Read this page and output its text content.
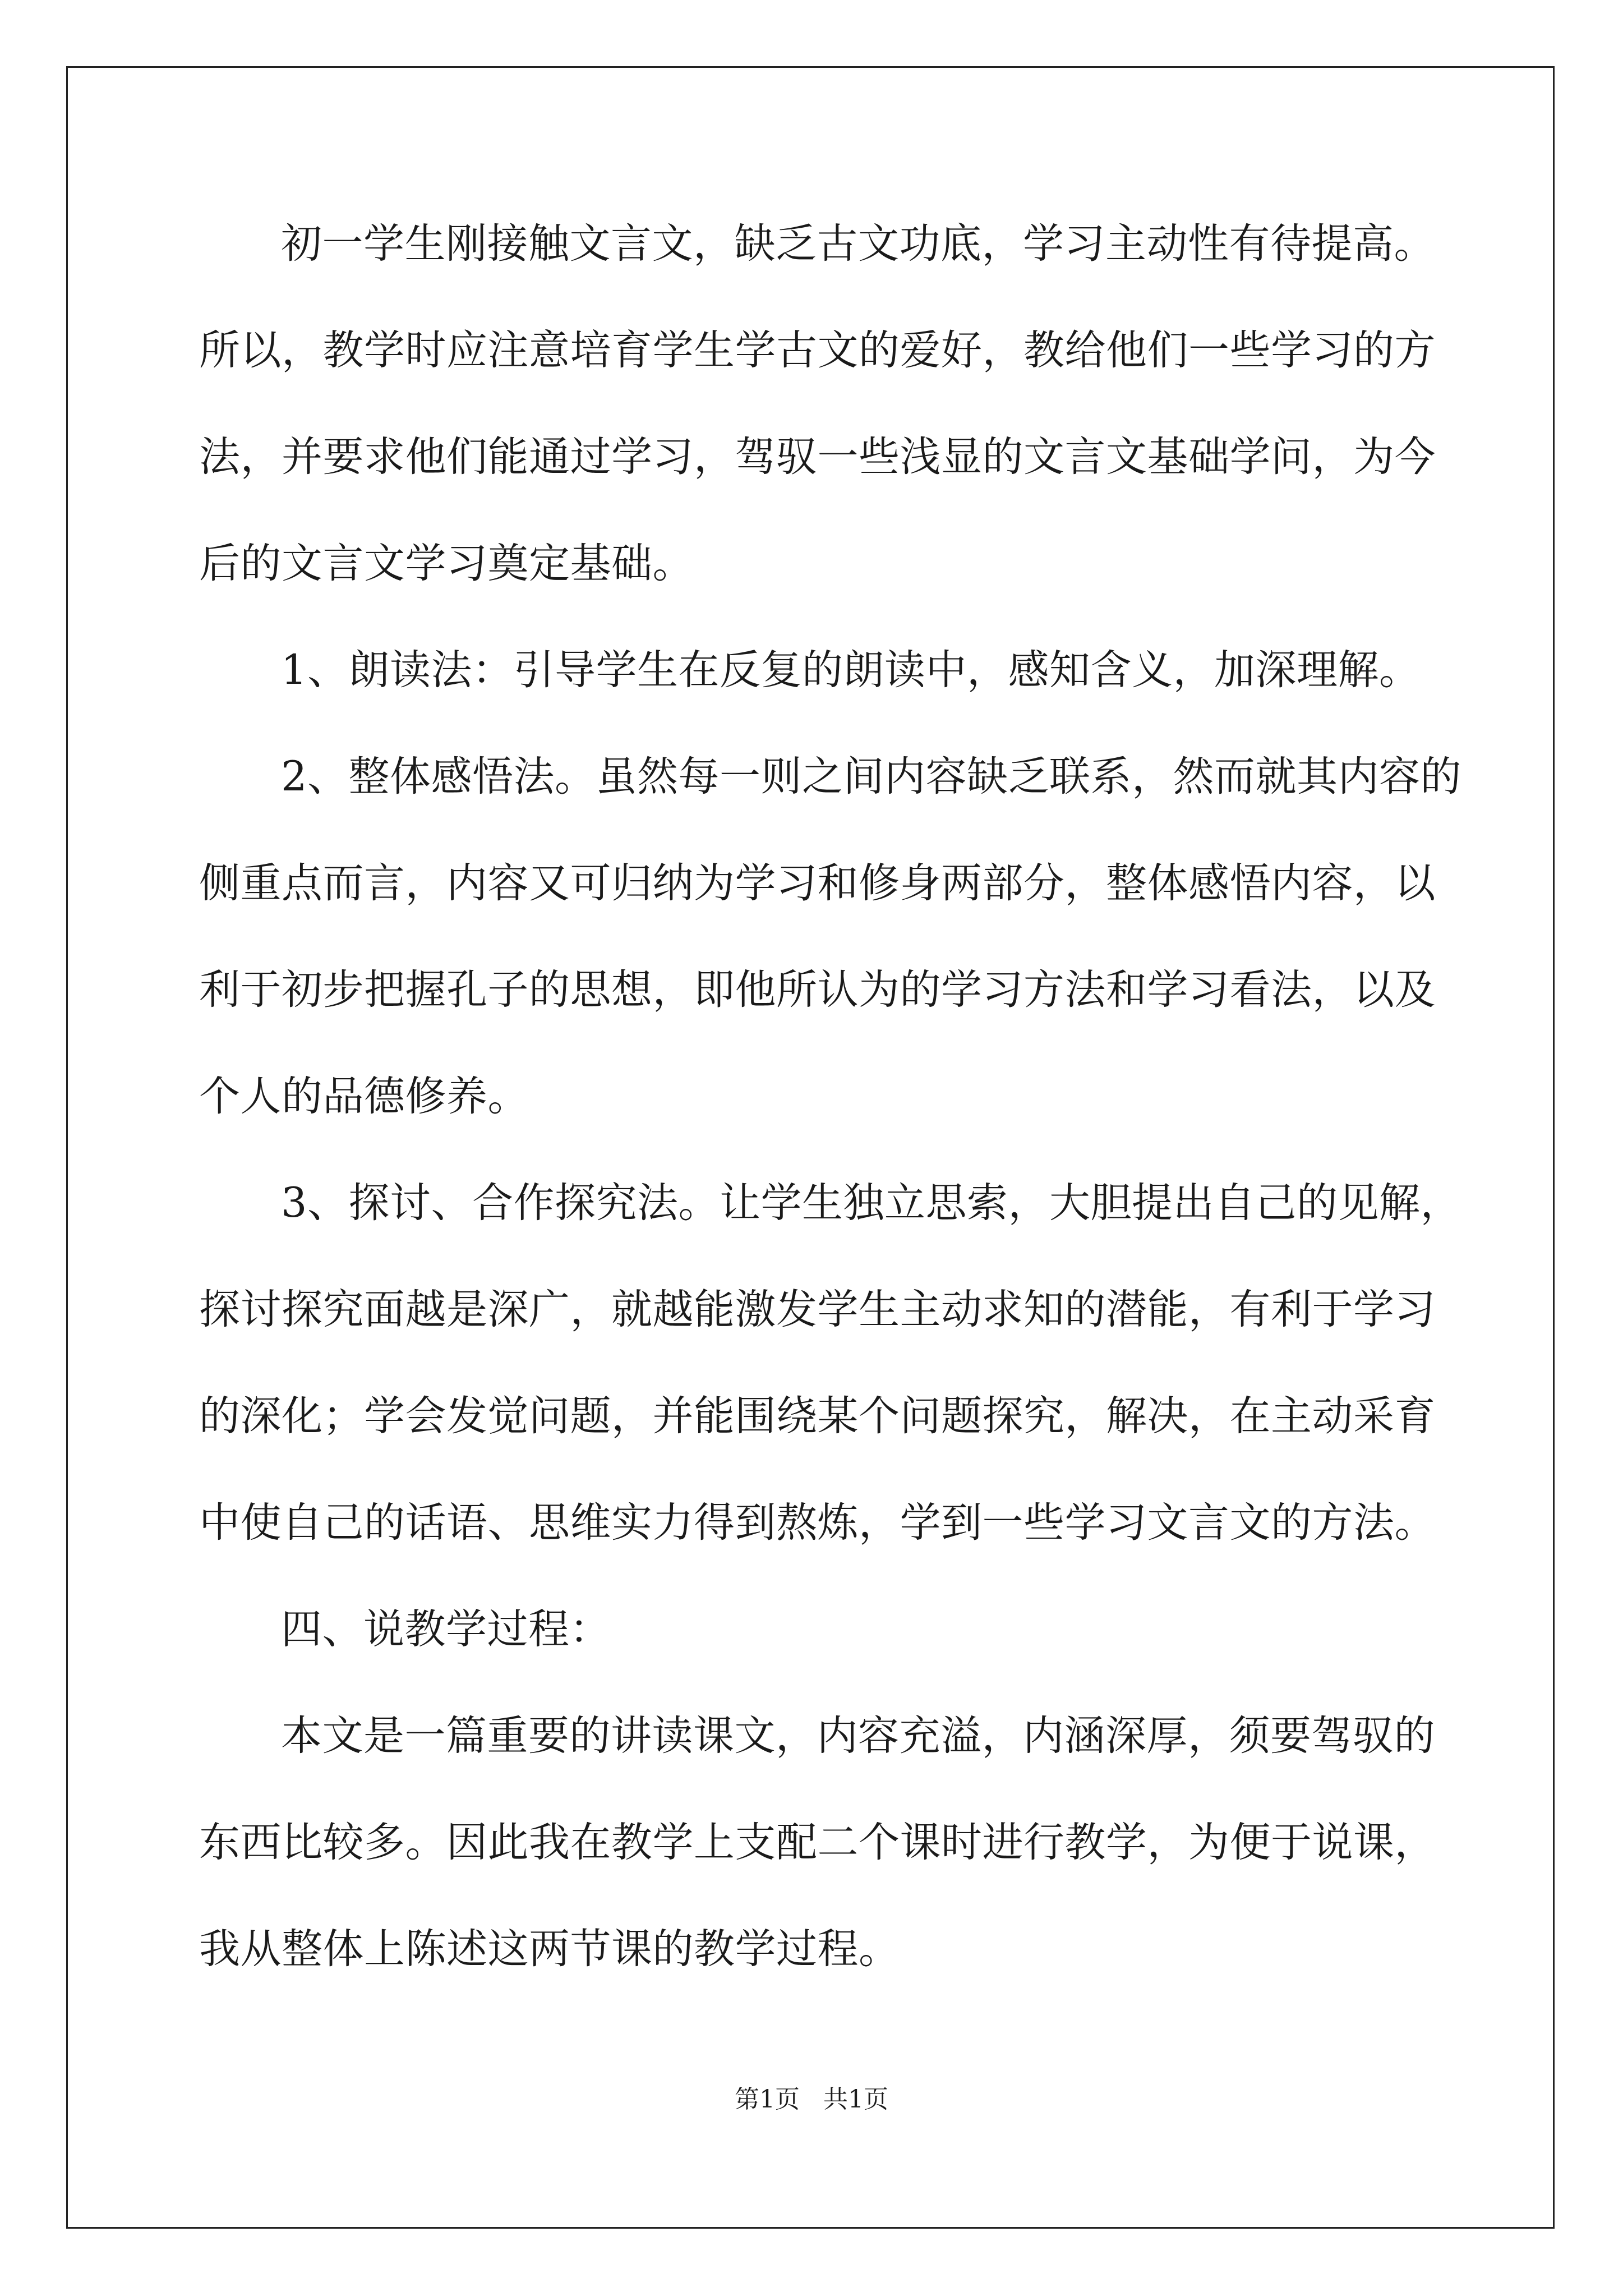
初一学生刚接触文言文，缺乏古文功底，学习主动性有待提高。
所以，教学时应注意培育学生学古文的爱好，教给他们一些学习的方
法，并要求他们能通过学习，驾驭一些浅显的文言文基础学问，为今
后的文言文学习奠定基础。
1、朗读法：引导学生在反复的朗读中，感知含义，加深理解。
2、整体感悟法。虽然每一则之间内容缺乏联系，然而就其内容的
侧重点而言，内容又可归纳为学习和修身两部分，整体感悟内容，以
利于初步把握孔子的思想，即他所认为的学习方法和学习看法，以及
个人的品德修养。
3、探讨、合作探究法。让学生独立思索，大胆提出自己的见解，
探讨探究面越是深广，就越能激发学生主动求知的潜能，有利于学习
的深化；学会发觉问题，并能围绕某个问题探究，解决，在主动采育
中使自己的话语、思维实力得到熬炼，学到一些学习文言文的方法。
四、说教学过程：
本文是一篇重要的讲读课文，内容充溢，内涵深厚，须要驾驭的
东西比较多。因此我在教学上支配二个课时进行教学，为便于说课，
我从整体上陈述这两节课的教学过程。
第1页 共1页
